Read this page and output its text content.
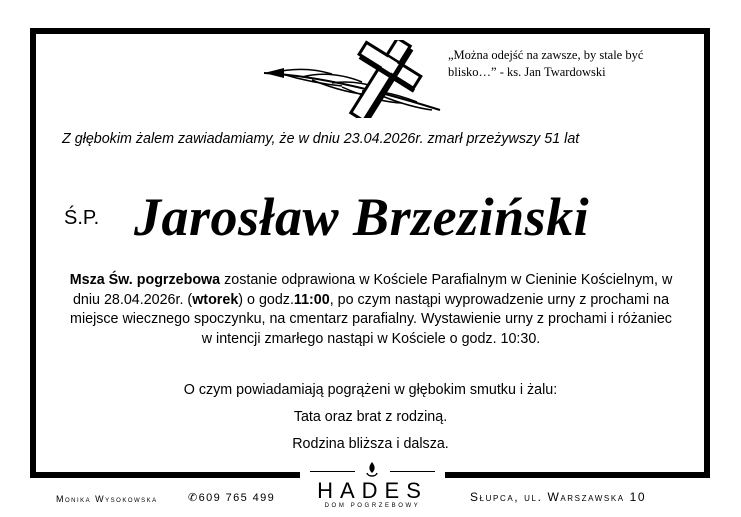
„Można odejść na zawsze, by stale być
blisko…” - ks. Jan Twardowski
Z głębokim żalem zawiadamiamy, że w dniu 23.04.2026r. zmarł przeżywszy 51 lat
Ś.P. Jarosław Brzeziński
Msza Św. pogrzebowa zostanie odprawiona w Kościele Parafialnym w Cieninie Kościelnym, w dniu 28.04.2026r. (wtorek) o godz.11:00, po czym nastąpi wyprowadzenie urny z prochami na miejsce wiecznego spoczynku, na cmentarz parafialny. Wystawienie urny z prochami i różaniec w intencji zmarłego nastąpi w Kościele o godz. 10:30.
O czym powiadamiają pogrążeni w głębokim smutku i żalu:
Tata oraz brat z rodziną.
Rodzina bliższa i dalsza.
Monika Wysokowska	✆609 765 499	HADES
DOM POGRZEBOWY
Słupca, ul. Warszawska 10
